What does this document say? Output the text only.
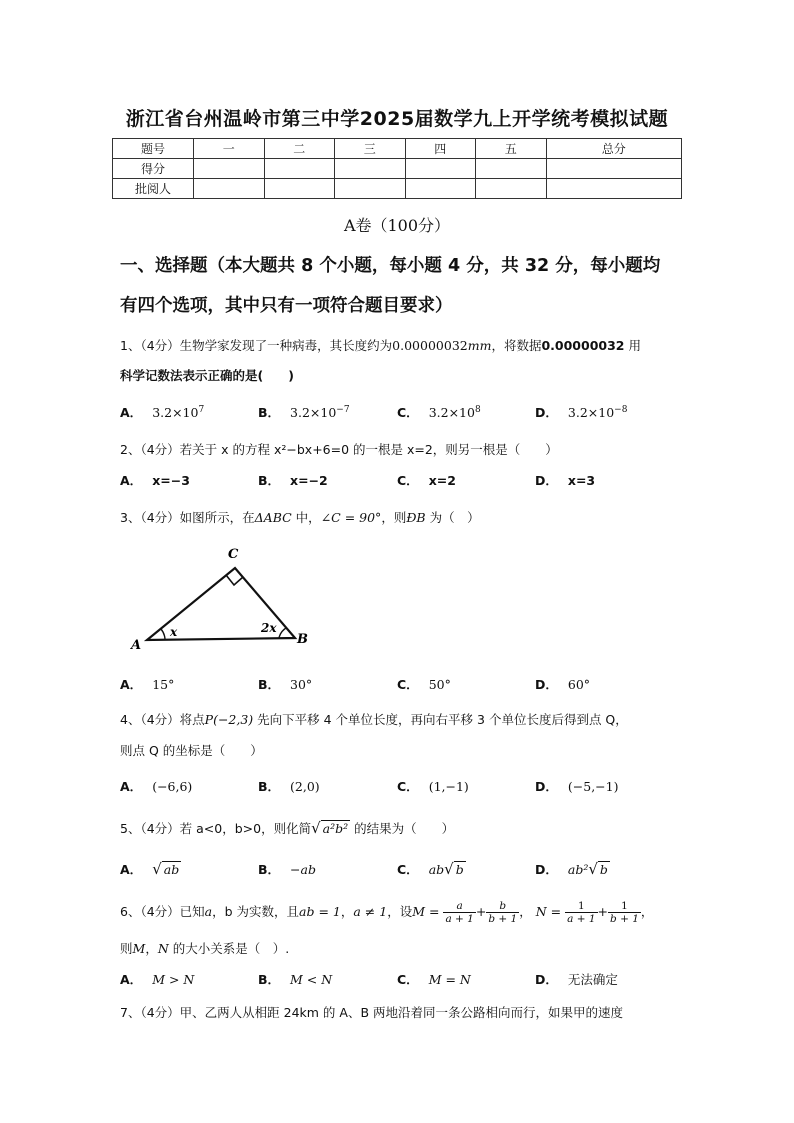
浙江省台州温岭市第三中学2025届数学九上开学统考模拟试题
题号	一	二	三	四	五	总分
得分						
批阅人						
A卷（100分）
一、选择题（本大题共 8 个小题，每小题 4 分，共 32 分，每小题均
有四个选项，其中只有一项符合题目要求）
1、（4分）生物学家发现了一种病毒，其长度约为0.00000032mm，将数据0.00000032 用
科学记数法表示正确的是(　　)
A． $3.2\times 10^7$	B． $3.2\times 10^{-7}$	C． $3.2\times 10^8$	D． $3.2\times 10^{-8}$
2、（4分）若关于 x 的方程 x²−bx+6=0 的一根是 x=2，则另一根是（　　）
A． x=−3	B． x=−2	C． x=2	D． x=3
3、（4分）如图所示，在ΔABC 中，∠C = 90°，则ÐB 为（　）
A	B
C
x	2x
A． 15°	B． 30°	C． 50°	D． 60°
4、（4分）将点P(−2,3) 先向下平移 4 个单位长度，再向右平移 3 个单位长度后得到点 Q，
则点 Q 的坐标是（　　）
A． (−6,6)	B． (2,0)	C． (1,−1)	D． (−5,−1)
5、（4分）若 a<0，b>0，则化简√ a²b² 的结果为（　　）
A． √ ab	B． −ab	C． ab√ b	D． ab²√ b
6、（4分）已知a，b 为实数，且ab = 1，a ≠ 1，设$M = \frac{a}{a + 1} + \frac{b}{b + 1}$ ， $N = \frac{1}{a + 1} + \frac{1}{b + 1}$ ，
则M，N 的大小关系是（　）.
A． M > N	B． M < N	C． M = N	D． 无法确定
7、（4分）甲、乙两人从相距 24km 的 A、B 两地沿着同一条公路相向而行，如果甲的速度
